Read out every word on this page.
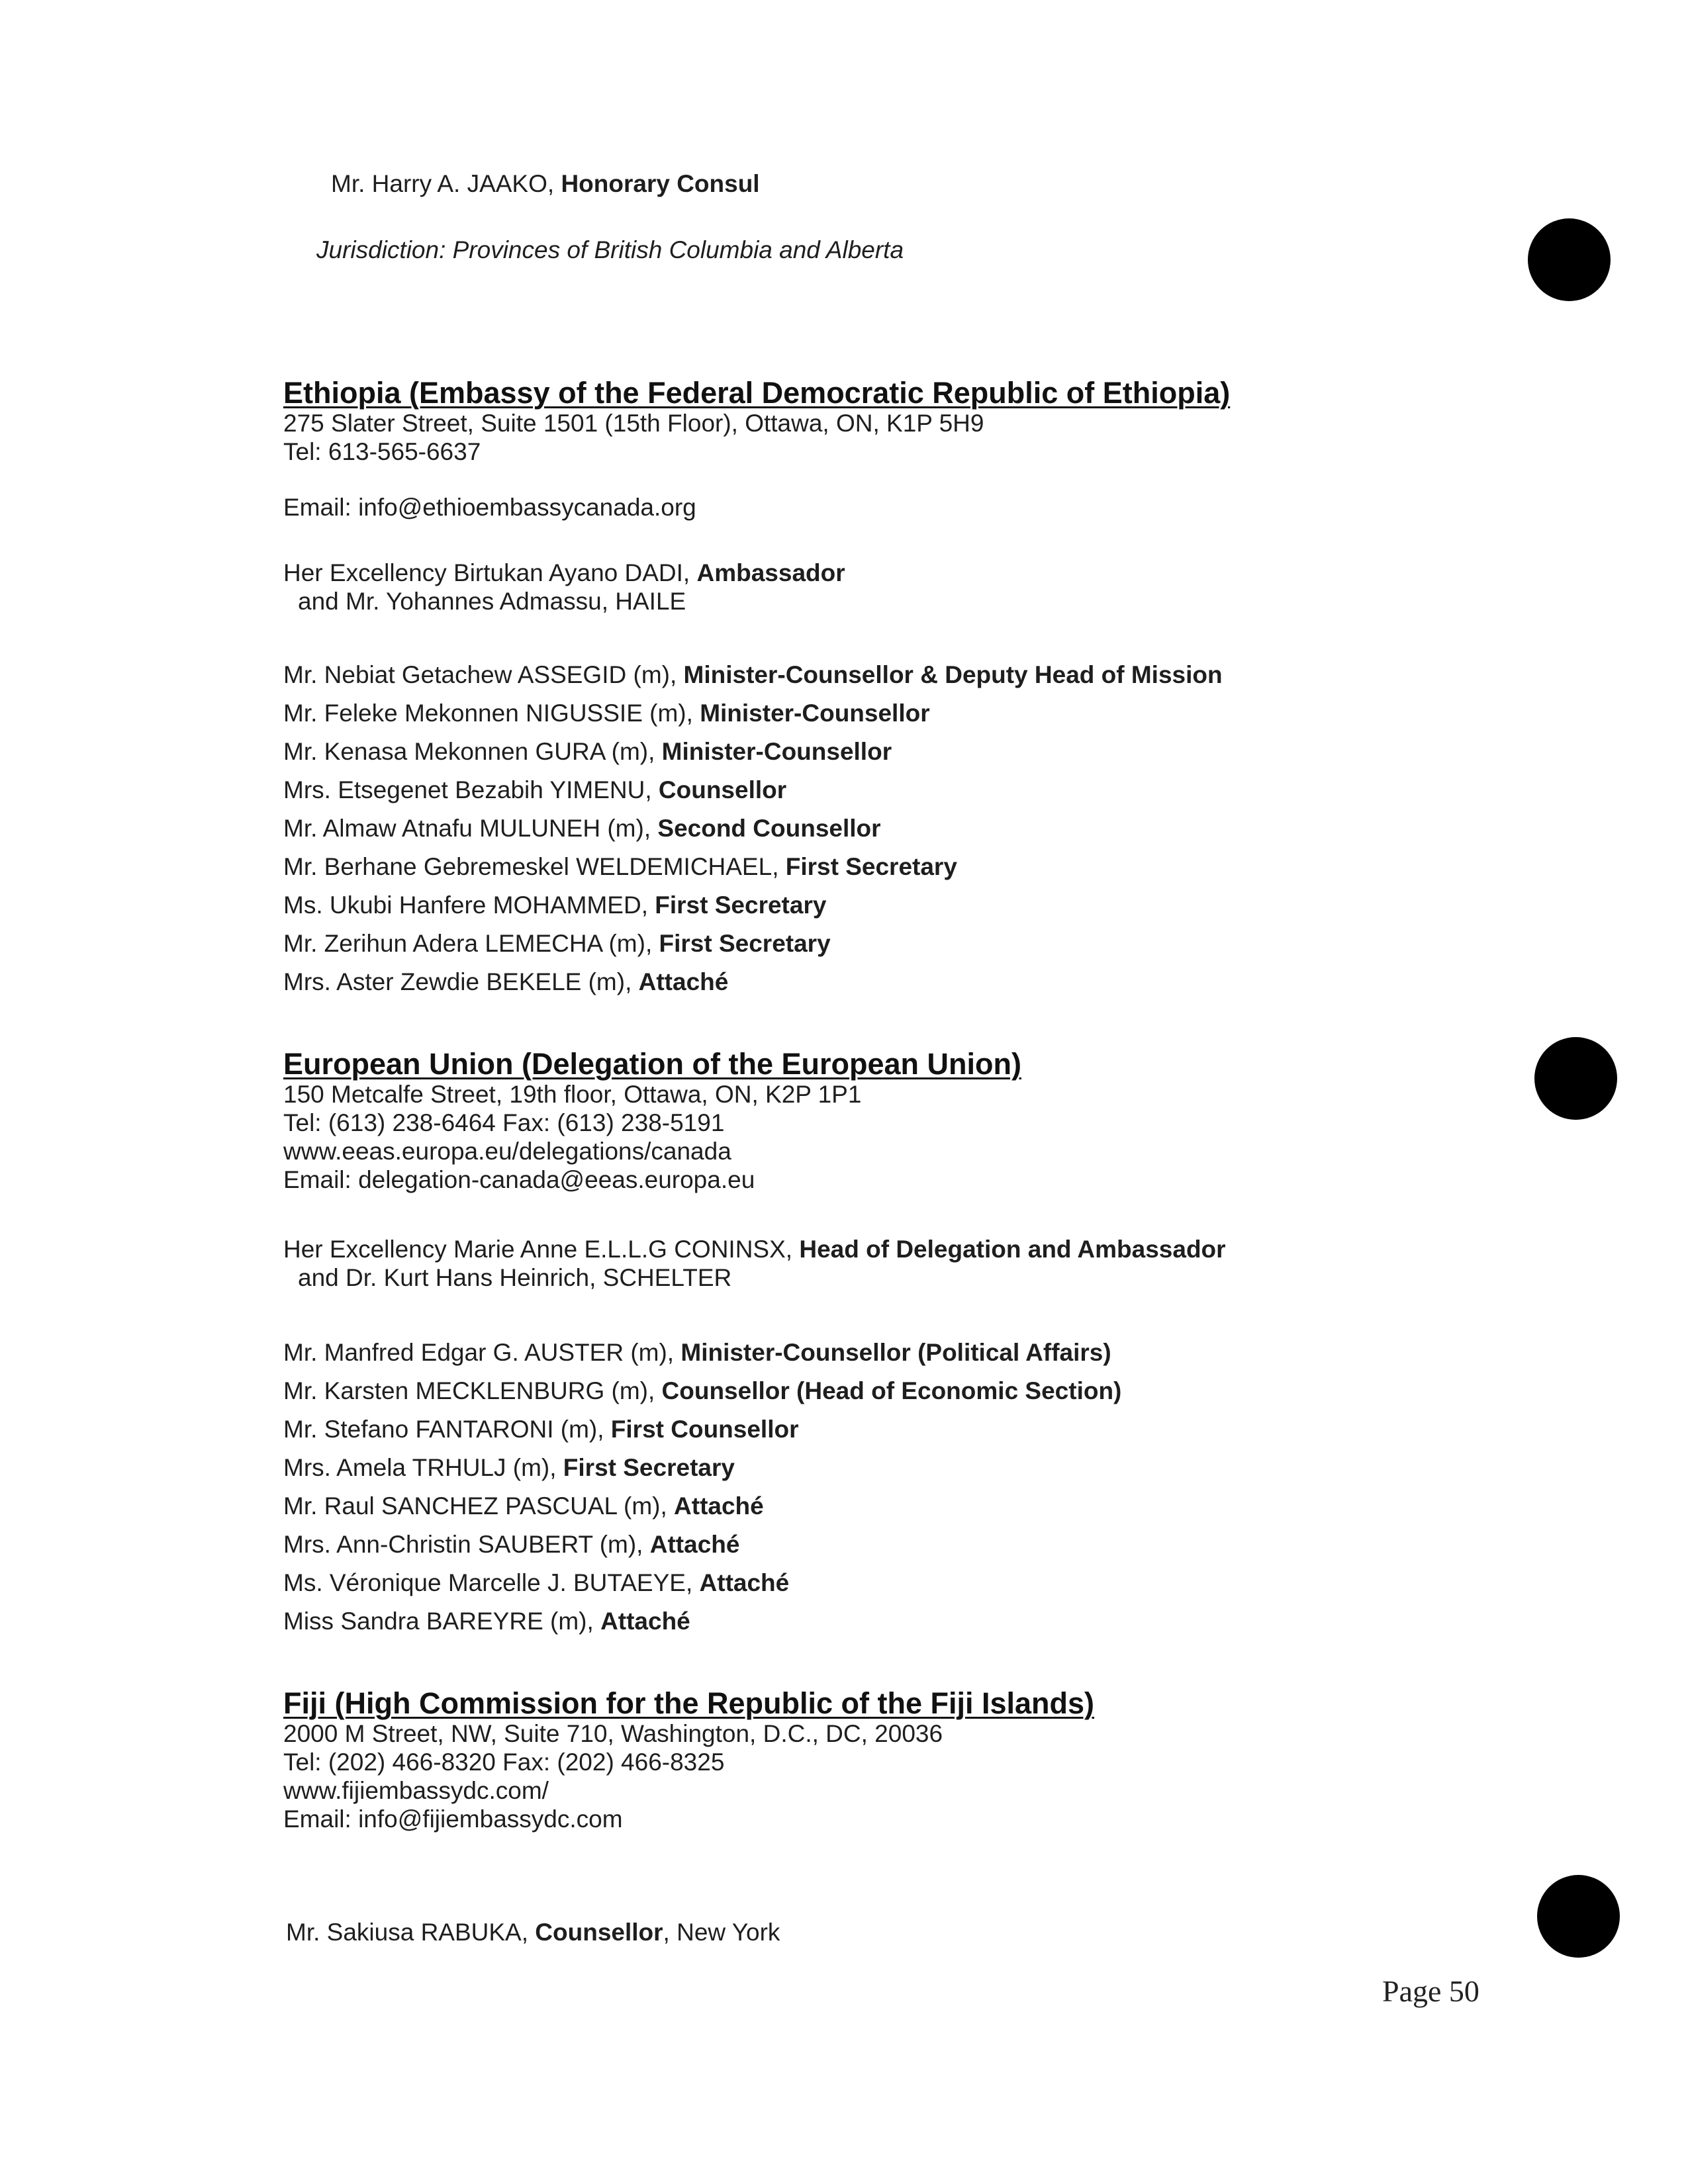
Mr. Harry A. JAAKO, Honorary Consul
Jurisdiction: Provinces of British Columbia and Alberta
Ethiopia (Embassy of the Federal Democratic Republic of Ethiopia)
275 Slater Street, Suite 1501 (15th Floor), Ottawa, ON, K1P 5H9
Tel: 613-565-6637
Email: info@ethioembassycanada.org
Her Excellency Birtukan Ayano DADI, Ambassador
and Mr. Yohannes Admassu, HAILE
Mr. Nebiat Getachew ASSEGID (m), Minister-Counsellor & Deputy Head of Mission
Mr. Feleke Mekonnen NIGUSSIE (m), Minister-Counsellor
Mr. Kenasa Mekonnen GURA (m), Minister-Counsellor
Mrs. Etsegenet Bezabih YIMENU, Counsellor
Mr. Almaw Atnafu MULUNEH (m), Second Counsellor
Mr. Berhane Gebremeskel WELDEMICHAEL, First Secretary
Ms. Ukubi Hanfere MOHAMMED, First Secretary
Mr. Zerihun Adera LEMECHA (m), First Secretary
Mrs. Aster Zewdie BEKELE (m), Attaché
European Union (Delegation of the European Union)
150 Metcalfe Street, 19th floor, Ottawa, ON, K2P 1P1
Tel: (613) 238-6464 Fax: (613) 238-5191
www.eeas.europa.eu/delegations/canada
Email: delegation-canada@eeas.europa.eu
Her Excellency Marie Anne E.L.L.G CONINSX, Head of Delegation and Ambassador
and Dr. Kurt Hans Heinrich, SCHELTER
Mr. Manfred Edgar G. AUSTER (m), Minister-Counsellor (Political Affairs)
Mr. Karsten MECKLENBURG (m), Counsellor (Head of Economic Section)
Mr. Stefano FANTARONI (m), First Counsellor
Mrs. Amela TRHULJ (m), First Secretary
Mr. Raul SANCHEZ PASCUAL (m), Attaché
Mrs. Ann-Christin SAUBERT (m), Attaché
Ms. Véronique Marcelle J. BUTAEYE, Attaché
Miss Sandra BAREYRE (m), Attaché
Fiji (High Commission for the Republic of the Fiji Islands)
2000 M Street, NW, Suite 710, Washington, D.C., DC, 20036
Tel: (202) 466-8320 Fax: (202) 466-8325
www.fijiembassydc.com/
Email: info@fijiembassydc.com
Mr. Sakiusa RABUKA, Counsellor, New York
Page 50
